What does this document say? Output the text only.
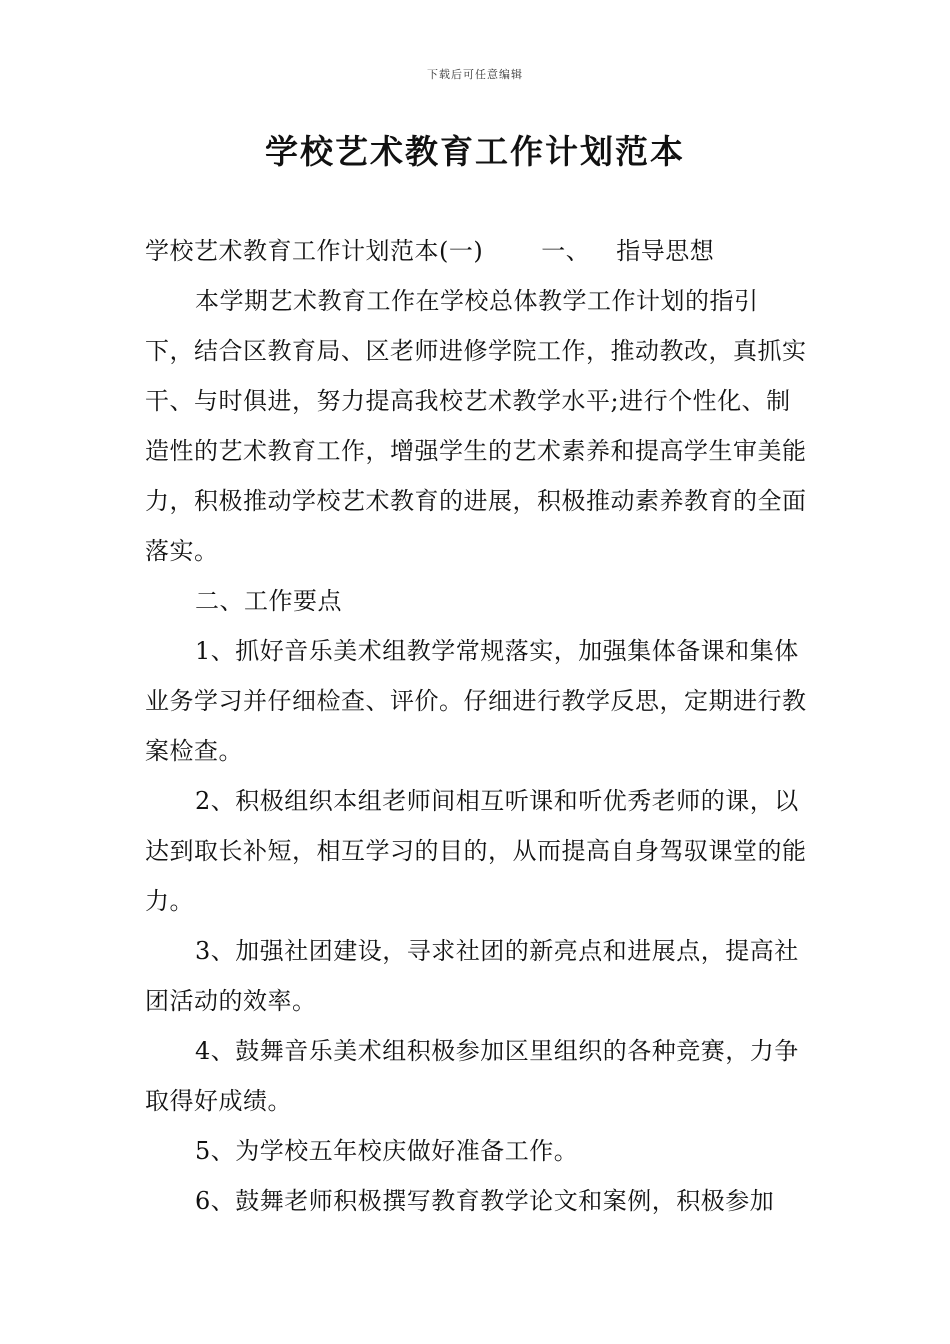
下载后可任意编辑
学校艺术教育工作计划范本

学校艺术教育工作计划范本(一) 一、 指导思想

本学期艺术教育工作在学校总体教学工作计划的指引下，结合区教育局、区老师进修学院工作，推动教改，真抓实干、与时俱进，努力提高我校艺术教学水平;进行个性化、制造性的艺术教育工作，增强学生的艺术素养和提高学生审美能力，积极推动学校艺术教育的进展，积极推动素养教育的全面落实。

二、工作要点

1、抓好音乐美术组教学常规落实，加强集体备课和集体业务学习并仔细检查、评价。仔细进行教学反思，定期进行教案检查。

2、积极组织本组老师间相互听课和听优秀老师的课，以达到取长补短，相互学习的目的，从而提高自身驾驭课堂的能力。

3、加强社团建设，寻求社团的新亮点和进展点，提高社团活动的效率。

4、鼓舞音乐美术组积极参加区里组织的各种竞赛，力争取得好成绩。

5、为学校五年校庆做好准备工作。

6、鼓舞老师积极撰写教育教学论文和案例，积极参加
